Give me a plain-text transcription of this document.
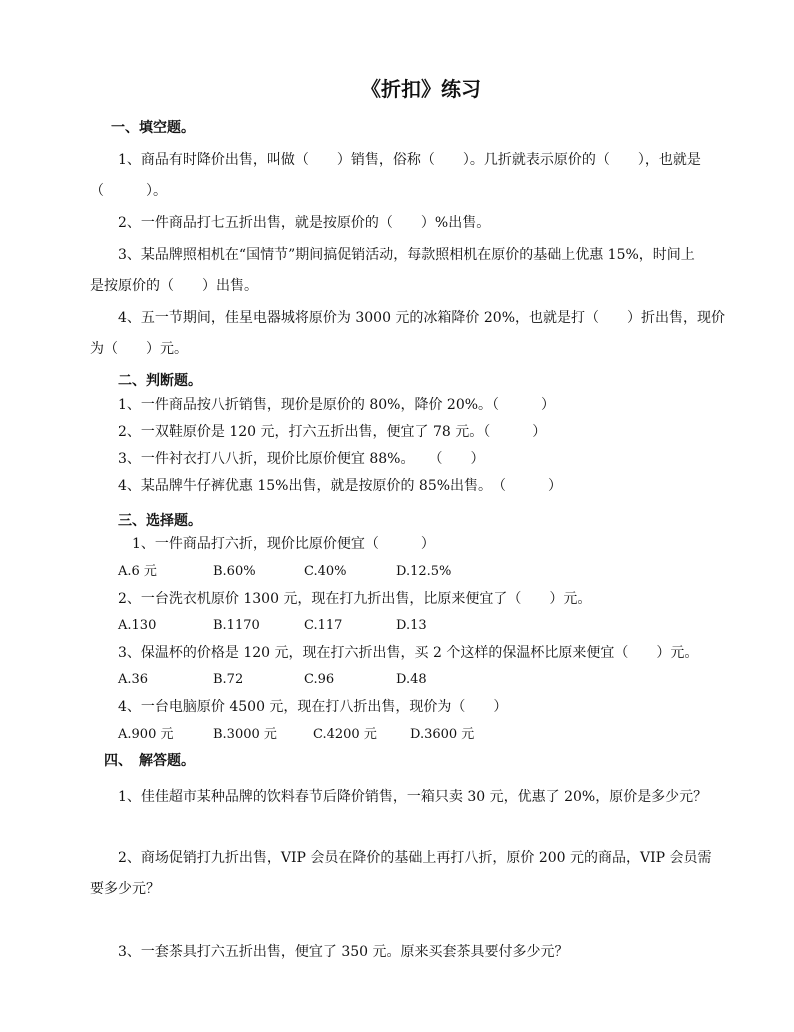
《折扣》练习
一、填空题。
1、商品有时降价出售，叫做（　　）销售，俗称（　　）。几折就表示原价的（　　），也就是
（　　　）。
2、一件商品打七五折出售，就是按原价的（　　）%出售。
3、某品牌照相机在“国情节”期间搞促销活动，每款照相机在原价的基础上优惠 15%，时间上
是按原价的（　　）出售。
4、五一节期间，佳星电器城将原价为 3000 元的冰箱降价 20%，也就是打（　　）折出售，现价
为（　　）元。
二、判断题。
1、一件商品按八折销售，现价是原价的 80%，降价 20%。（　　　）
2、一双鞋原价是 120 元，打六五折出售，便宜了 78 元。（　　　）
3、一件衬衣打八八折，现价比原价便宜 88%。　　（　　）
4、某品牌牛仔裤优惠 15%出售，就是按原价的 85%出售。　（　　　）
三、选择题。
1、一件商品打六折，现价比原价便宜（　　　）
A.6 元	B.60%	C.40%	D.12.5%
2、一台洗衣机原价 1300 元，现在打九折出售，比原来便宜了（　　）元。
A.130	B.1170	C.117	D.13
3、保温杯的价格是 120 元，现在打六折出售，买 2 个这样的保温杯比原来便宜（　　）元。
A.36	B.72	C.96	D.48
4、一台电脑原价 4500 元，现在打八折出售，现价为（　　）
A.900 元	B.3000 元	C.4200 元	D.3600 元
四、　解答题。
1、佳佳超市某种品牌的饮料春节后降价销售，一箱只卖 30 元，优惠了 20%，原价是多少元？
2、商场促销打九折出售，VIP 会员在降价的基础上再打八折，原价 200 元的商品，VIP 会员需
要多少元？
3、一套茶具打六五折出售，便宜了 350 元。原来买套茶具要付多少元？
